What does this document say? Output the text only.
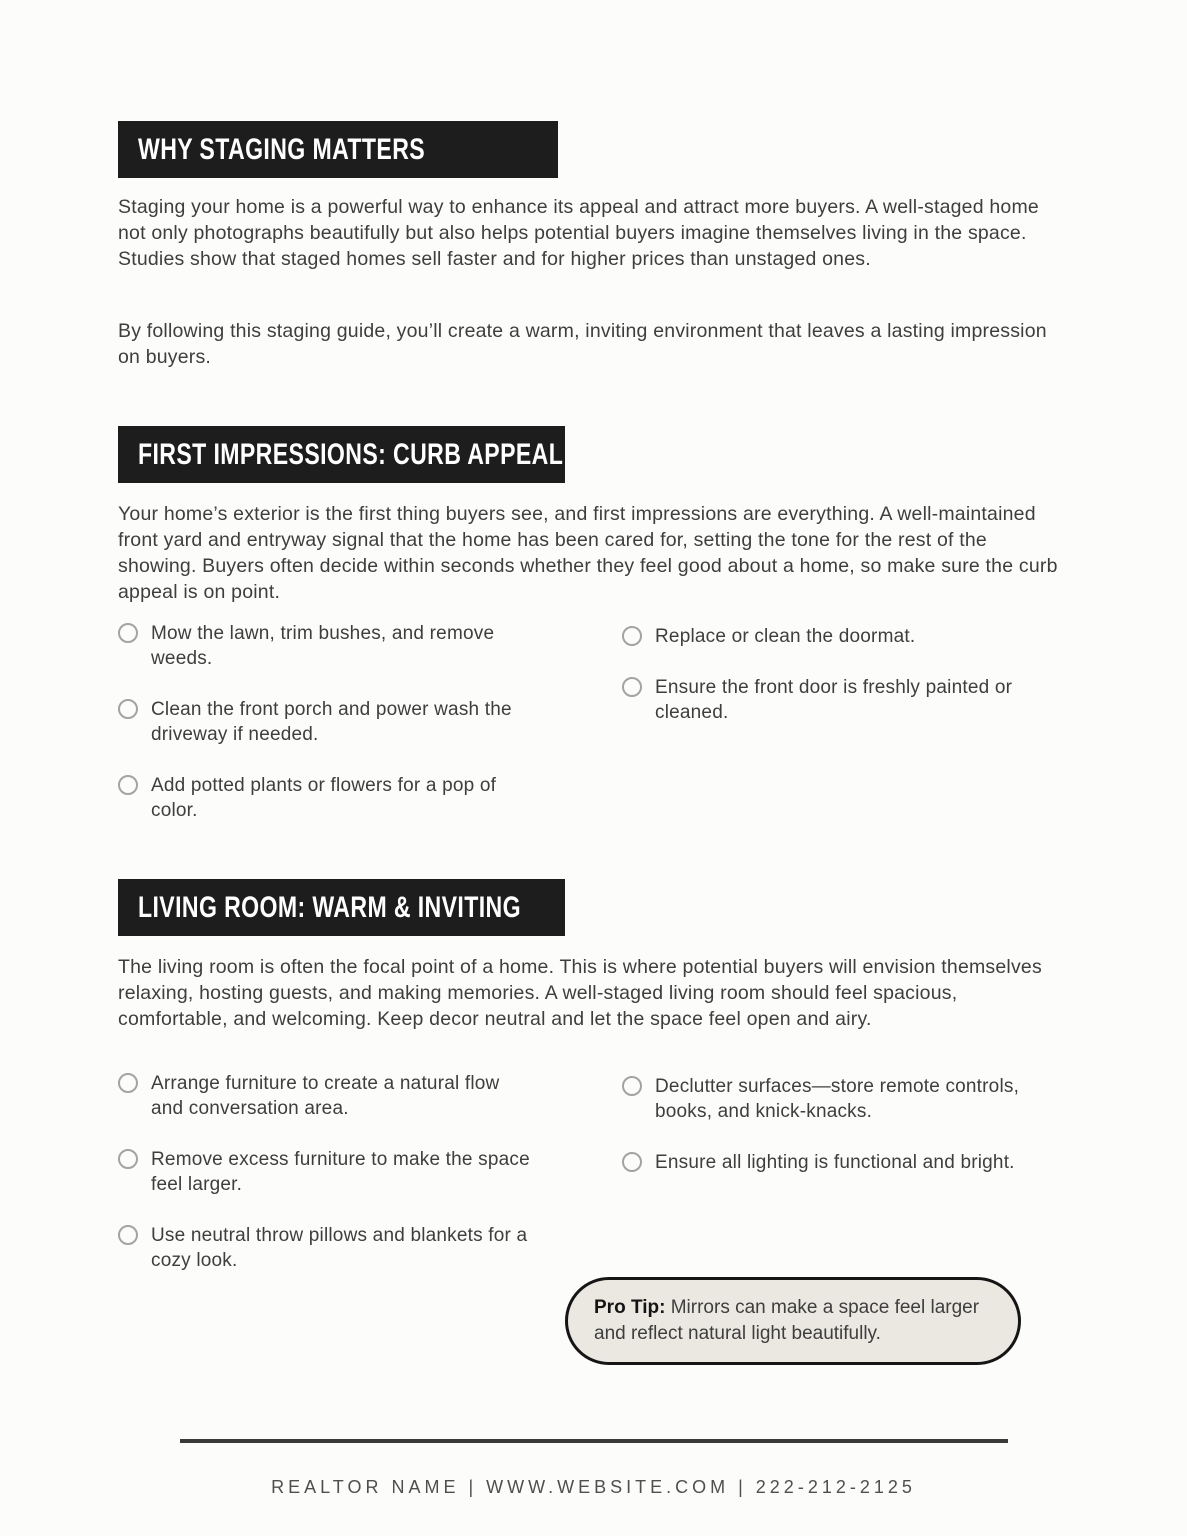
WHY STAGING MATTERS

Staging your home is a powerful way to enhance its appeal and attract more buyers. A well-staged home not only photographs beautifully but also helps potential buyers imagine themselves living in the space. Studies show that staged homes sell faster and for higher prices than unstaged ones.

By following this staging guide, you’ll create a warm, inviting environment that leaves a lasting impression on buyers.

FIRST IMPRESSIONS: CURB APPEAL

Your home’s exterior is the first thing buyers see, and first impressions are everything. A well-maintained front yard and entryway signal that the home has been cared for, setting the tone for the rest of the showing. Buyers often decide within seconds whether they feel good about a home, so make sure the curb appeal is on point.

Mow the lawn, trim bushes, and remove weeds.
Clean the front porch and power wash the driveway if needed.
Add potted plants or flowers for a pop of color.
Replace or clean the doormat.
Ensure the front door is freshly painted or cleaned.
LIVING ROOM: WARM & INVITING

The living room is often the focal point of a home. This is where potential buyers will envision themselves relaxing, hosting guests, and making memories. A well-staged living room should feel spacious, comfortable, and welcoming. Keep decor neutral and let the space feel open and airy.

Arrange furniture to create a natural flow and conversation area.
Remove excess furniture to make the space feel larger.
Use neutral throw pillows and blankets for a cozy look.
Declutter surfaces—store remote controls, books, and knick-knacks.
Ensure all lighting is functional and bright.
Pro Tip: Mirrors can make a space feel larger and reflect natural light beautifully.
REALTOR NAME | WWW.WEBSITE.COM | 222-212-2125
